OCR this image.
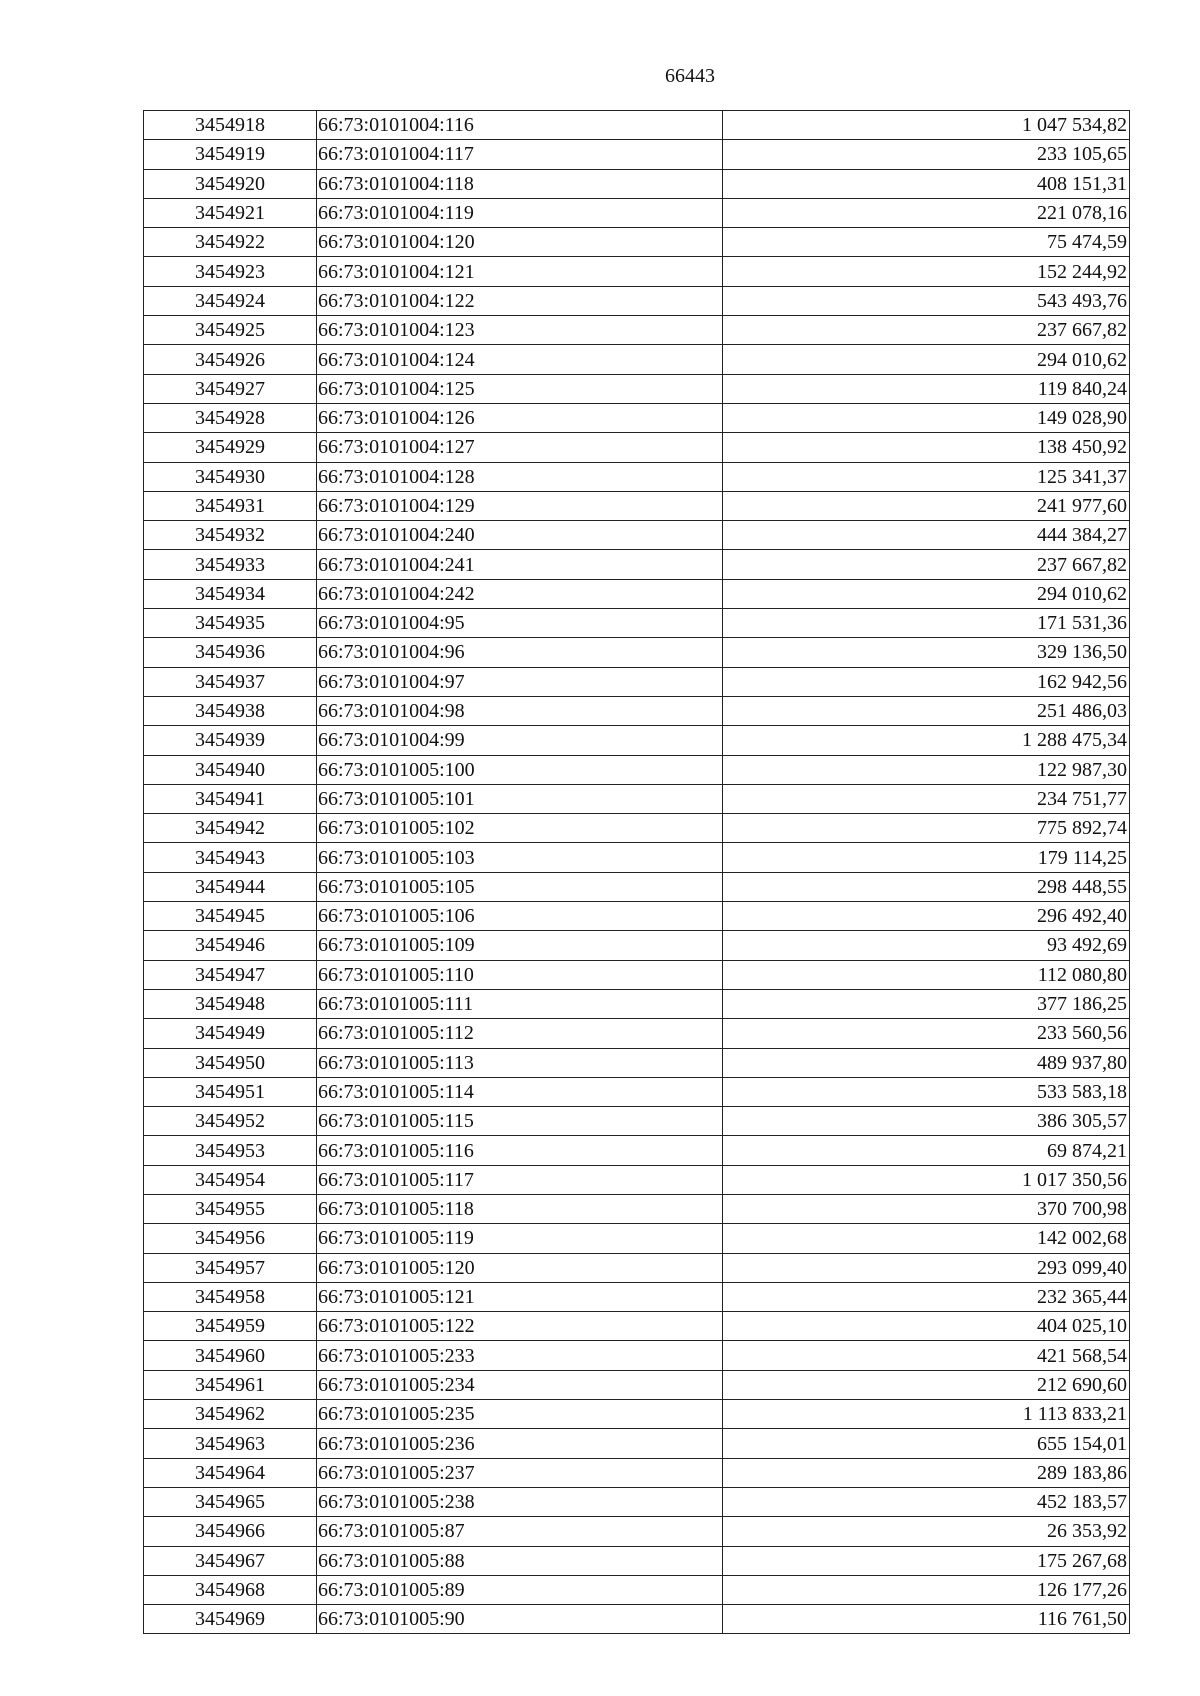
66443
3454918	66:73:0101004:116	1 047 534,82
3454919	66:73:0101004:117	233 105,65
3454920	66:73:0101004:118	408 151,31
3454921	66:73:0101004:119	221 078,16
3454922	66:73:0101004:120	75 474,59
3454923	66:73:0101004:121	152 244,92
3454924	66:73:0101004:122	543 493,76
3454925	66:73:0101004:123	237 667,82
3454926	66:73:0101004:124	294 010,62
3454927	66:73:0101004:125	119 840,24
3454928	66:73:0101004:126	149 028,90
3454929	66:73:0101004:127	138 450,92
3454930	66:73:0101004:128	125 341,37
3454931	66:73:0101004:129	241 977,60
3454932	66:73:0101004:240	444 384,27
3454933	66:73:0101004:241	237 667,82
3454934	66:73:0101004:242	294 010,62
3454935	66:73:0101004:95	171 531,36
3454936	66:73:0101004:96	329 136,50
3454937	66:73:0101004:97	162 942,56
3454938	66:73:0101004:98	251 486,03
3454939	66:73:0101004:99	1 288 475,34
3454940	66:73:0101005:100	122 987,30
3454941	66:73:0101005:101	234 751,77
3454942	66:73:0101005:102	775 892,74
3454943	66:73:0101005:103	179 114,25
3454944	66:73:0101005:105	298 448,55
3454945	66:73:0101005:106	296 492,40
3454946	66:73:0101005:109	93 492,69
3454947	66:73:0101005:110	112 080,80
3454948	66:73:0101005:111	377 186,25
3454949	66:73:0101005:112	233 560,56
3454950	66:73:0101005:113	489 937,80
3454951	66:73:0101005:114	533 583,18
3454952	66:73:0101005:115	386 305,57
3454953	66:73:0101005:116	69 874,21
3454954	66:73:0101005:117	1 017 350,56
3454955	66:73:0101005:118	370 700,98
3454956	66:73:0101005:119	142 002,68
3454957	66:73:0101005:120	293 099,40
3454958	66:73:0101005:121	232 365,44
3454959	66:73:0101005:122	404 025,10
3454960	66:73:0101005:233	421 568,54
3454961	66:73:0101005:234	212 690,60
3454962	66:73:0101005:235	1 113 833,21
3454963	66:73:0101005:236	655 154,01
3454964	66:73:0101005:237	289 183,86
3454965	66:73:0101005:238	452 183,57
3454966	66:73:0101005:87	26 353,92
3454967	66:73:0101005:88	175 267,68
3454968	66:73:0101005:89	126 177,26
3454969	66:73:0101005:90	116 761,50
